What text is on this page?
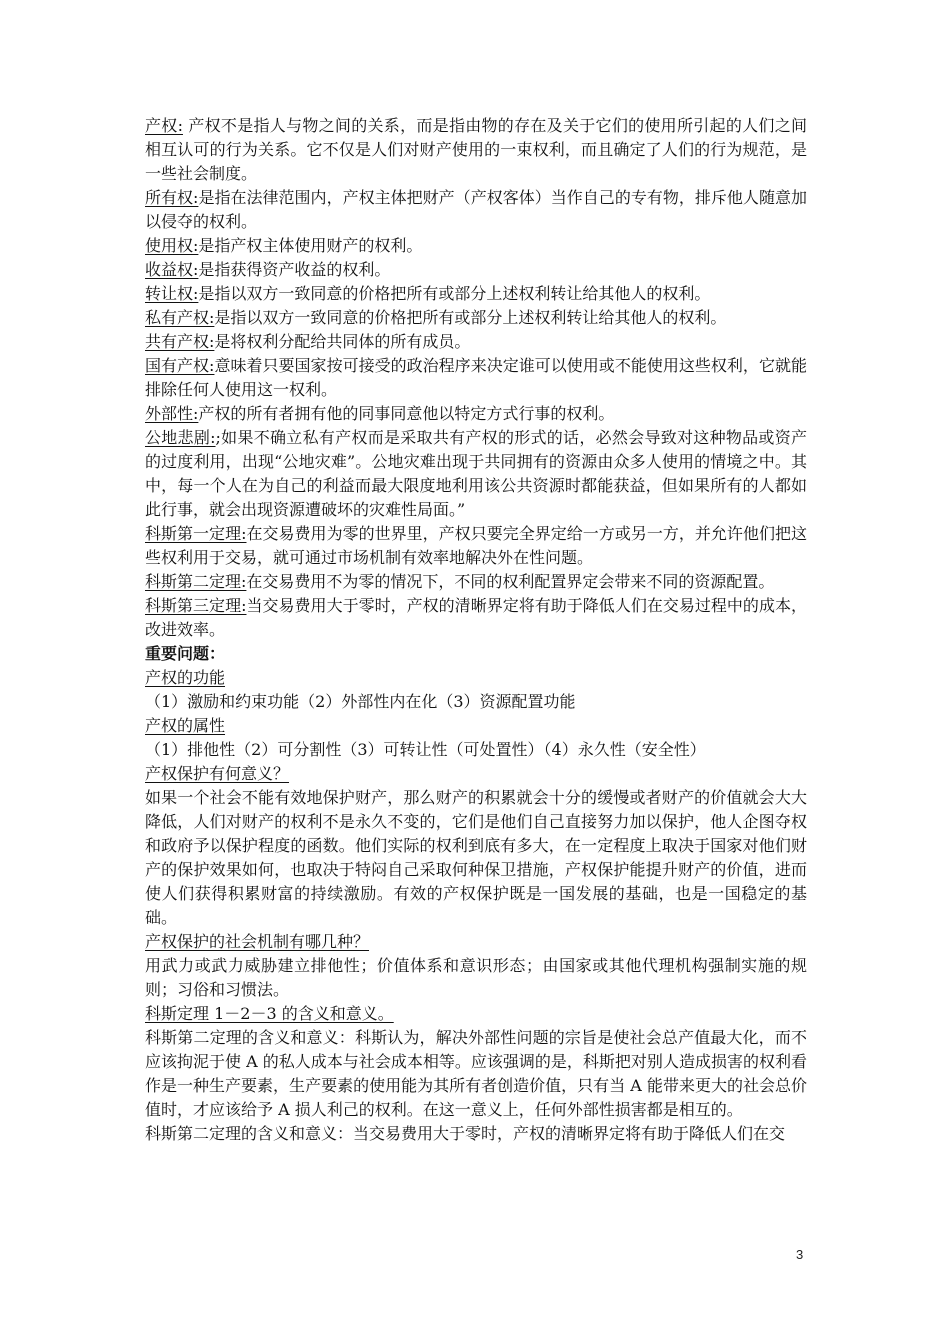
产权: 产权不是指人与物之间的关系，而是指由物的存在及关于它们的使用所引起的人们之间相互认可的行为关系。它不仅是人们对财产使用的一束权利，而且确定了人们的行为规范，是一些社会制度。

所有权:是指在法律范围内，产权主体把财产（产权客体）当作自己的专有物，排斥他人随意加以侵夺的权利。

使用权:是指产权主体使用财产的权利。

收益权:是指获得资产收益的权利。

转让权:是指以双方一致同意的价格把所有或部分上述权利转让给其他人的权利。

私有产权:是指以双方一致同意的价格把所有或部分上述权利转让给其他人的权利。

共有产权:是将权利分配给共同体的所有成员。

国有产权:意味着只要国家按可接受的政治程序来决定谁可以使用或不能使用这些权利，它就能排除任何人使用这一权利。

外部性:产权的所有者拥有他的同事同意他以特定方式行事的权利。

公地悲剧:;如果不确立私有产权而是采取共有产权的形式的话，必然会导致对这种物品或资产的过度利用，出现“公地灾难”。公地灾难出现于共同拥有的资源由众多人使用的情境之中。其中，每一个人在为自己的利益而最大限度地利用该公共资源时都能获益，但如果所有的人都如此行事，就会出现资源遭破坏的灾难性局面。”

科斯第一定理:在交易费用为零的世界里，产权只要完全界定给一方或另一方，并允许他们把这些权利用于交易，就可通过市场机制有效率地解决外在性问题。

科斯第二定理:在交易费用不为零的情况下，不同的权利配置界定会带来不同的资源配置。

科斯第三定理:当交易费用大于零时，产权的清晰界定将有助于降低人们在交易过程中的成本，改进效率。

重要问题：

产权的功能

（1）激励和约束功能（2）外部性内在化（3）资源配置功能

产权的属性

（1）排他性（2）可分割性（3）可转让性（可处置性）（4）永久性（安全性）

产权保护有何意义？

如果一个社会不能有效地保护财产，那么财产的积累就会十分的缓慢或者财产的价值就会大大降低，人们对财产的权利不是永久不变的，它们是他们自己直接努力加以保护，他人企图夺权和政府予以保护程度的函数。他们实际的权利到底有多大，在一定程度上取决于国家对他们财产的保护效果如何，也取决于特闷自己采取何种保卫措施，产权保护能提升财产的价值，进而使人们获得积累财富的持续激励。有效的产权保护既是一国发展的基础，也是一国稳定的基础。

产权保护的社会机制有哪几种？

用武力或武力威胁建立排他性；价值体系和意识形态；由国家或其他代理机构强制实施的规则；习俗和习惯法。

科斯定理 1－2－3 的含义和意义。

科斯第二定理的含义和意义：科斯认为，解决外部性问题的宗旨是使社会总产值最大化，而不应该拘泥于使 A 的私人成本与社会成本相等。应该强调的是，科斯把对别人造成损害的权利看作是一种生产要素，生产要素的使用能为其所有者创造价值，只有当 A 能带来更大的社会总价值时，才应该给予 A 损人利己的权利。在这一意义上，任何外部性损害都是相互的。

科斯第二定理的含义和意义：当交易费用大于零时，产权的清晰界定将有助于降低人们在交

3
